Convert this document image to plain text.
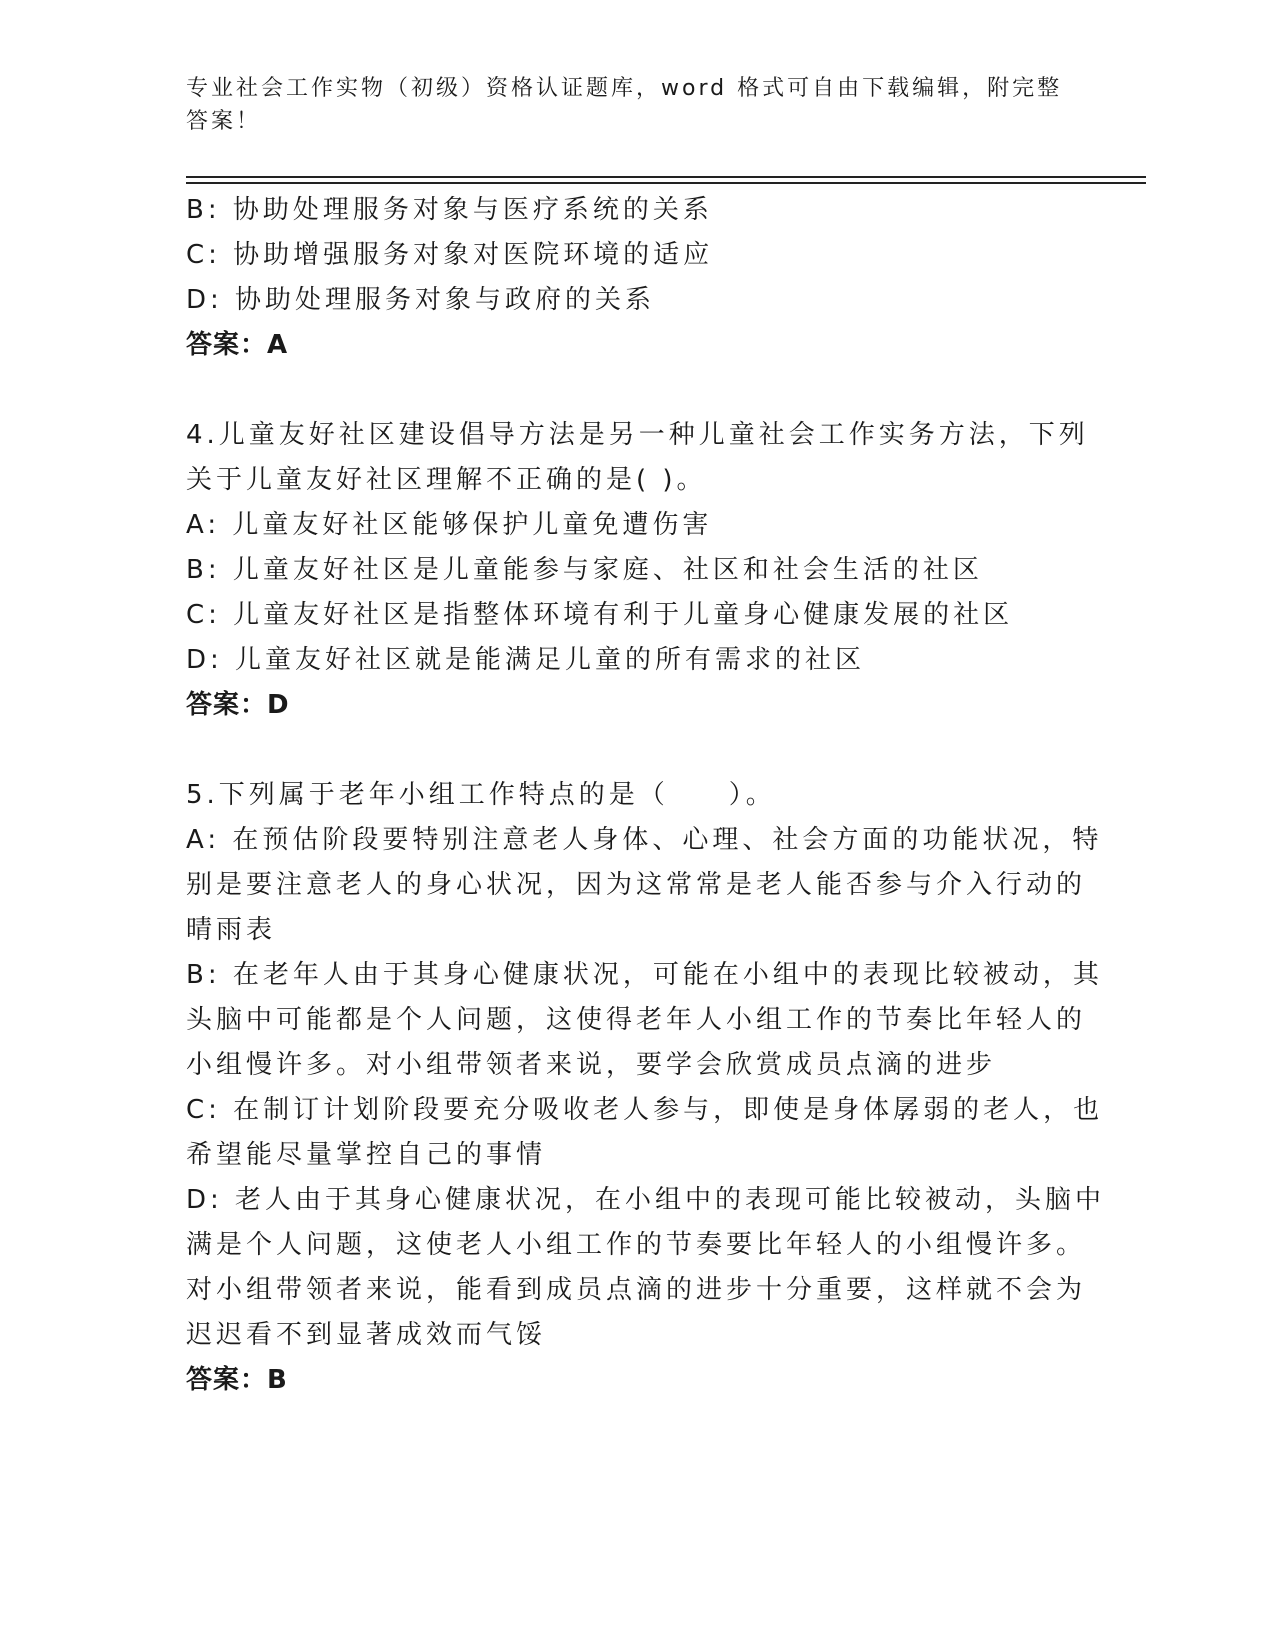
专业社会工作实物（初级）资格认证题库，word 格式可自由下载编辑，附完整答案！
B: 协助处理服务对象与医疗系统的关系
C: 协助增强服务对象对医院环境的适应
D: 协助处理服务对象与政府的关系
答案：A
4.儿童友好社区建设倡导方法是另一种儿童社会工作实务方法，下列
关于儿童友好社区理解不正确的是( )。
A: 儿童友好社区能够保护儿童免遭伤害
B: 儿童友好社区是儿童能参与家庭、社区和社会生活的社区
C: 儿童友好社区是指整体环境有利于儿童身心健康发展的社区
D: 儿童友好社区就是能满足儿童的所有需求的社区
答案：D
5.下列属于老年小组工作特点的是（　　）。
A: 在预估阶段要特别注意老人身体、心理、社会方面的功能状况，特
别是要注意老人的身心状况，因为这常常是老人能否参与介入行动的
晴雨表
B: 在老年人由于其身心健康状况，可能在小组中的表现比较被动，其
头脑中可能都是个人问题，这使得老年人小组工作的节奏比年轻人的
小组慢许多。对小组带领者来说，要学会欣赏成员点滴的进步
C: 在制订计划阶段要充分吸收老人参与，即使是身体孱弱的老人，也
希望能尽量掌控自己的事情
D: 老人由于其身心健康状况，在小组中的表现可能比较被动，头脑中
满是个人问题，这使老人小组工作的节奏要比年轻人的小组慢许多。
对小组带领者来说，能看到成员点滴的进步十分重要，这样就不会为
迟迟看不到显著成效而气馁
答案：B
